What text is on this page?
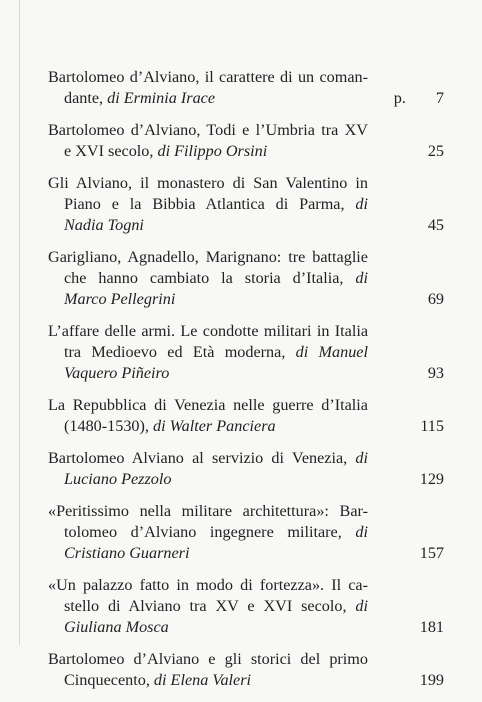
Bartolomeo d’Alviano, il carattere di un coman-
dante, di Erminia Irace	p. 7
Bartolomeo d’Alviano, Todi e l’Umbria tra XV
e XVI secolo, di Filippo Orsini	25
Gli Alviano, il monastero di San Valentino in
Piano e la Bibbia Atlantica di Parma, di
Nadia Togni	45
Garigliano, Agnadello, Marignano: tre battaglie
che hanno cambiato la storia d’Italia, di
Marco Pellegrini	69
L’affare delle armi. Le condotte militari in Italia
tra Medioevo ed Età moderna, di Manuel
Vaquero Piñeiro	93
La Repubblica di Venezia nelle guerre d’Italia
(1480-1530), di Walter Panciera	115
Bartolomeo Alviano al servizio di Venezia, di
Luciano Pezzolo	129
«Peritissimo nella militare architettura»: Bar-
tolomeo d’Alviano ingegnere militare, di
Cristiano Guarneri	157
«Un palazzo fatto in modo di fortezza». Il ca-
stello di Alviano tra XV e XVI secolo, di
Giuliana Mosca	181
Bartolomeo d’Alviano e gli storici del primo
Cinquecento, di Elena Valeri	199
